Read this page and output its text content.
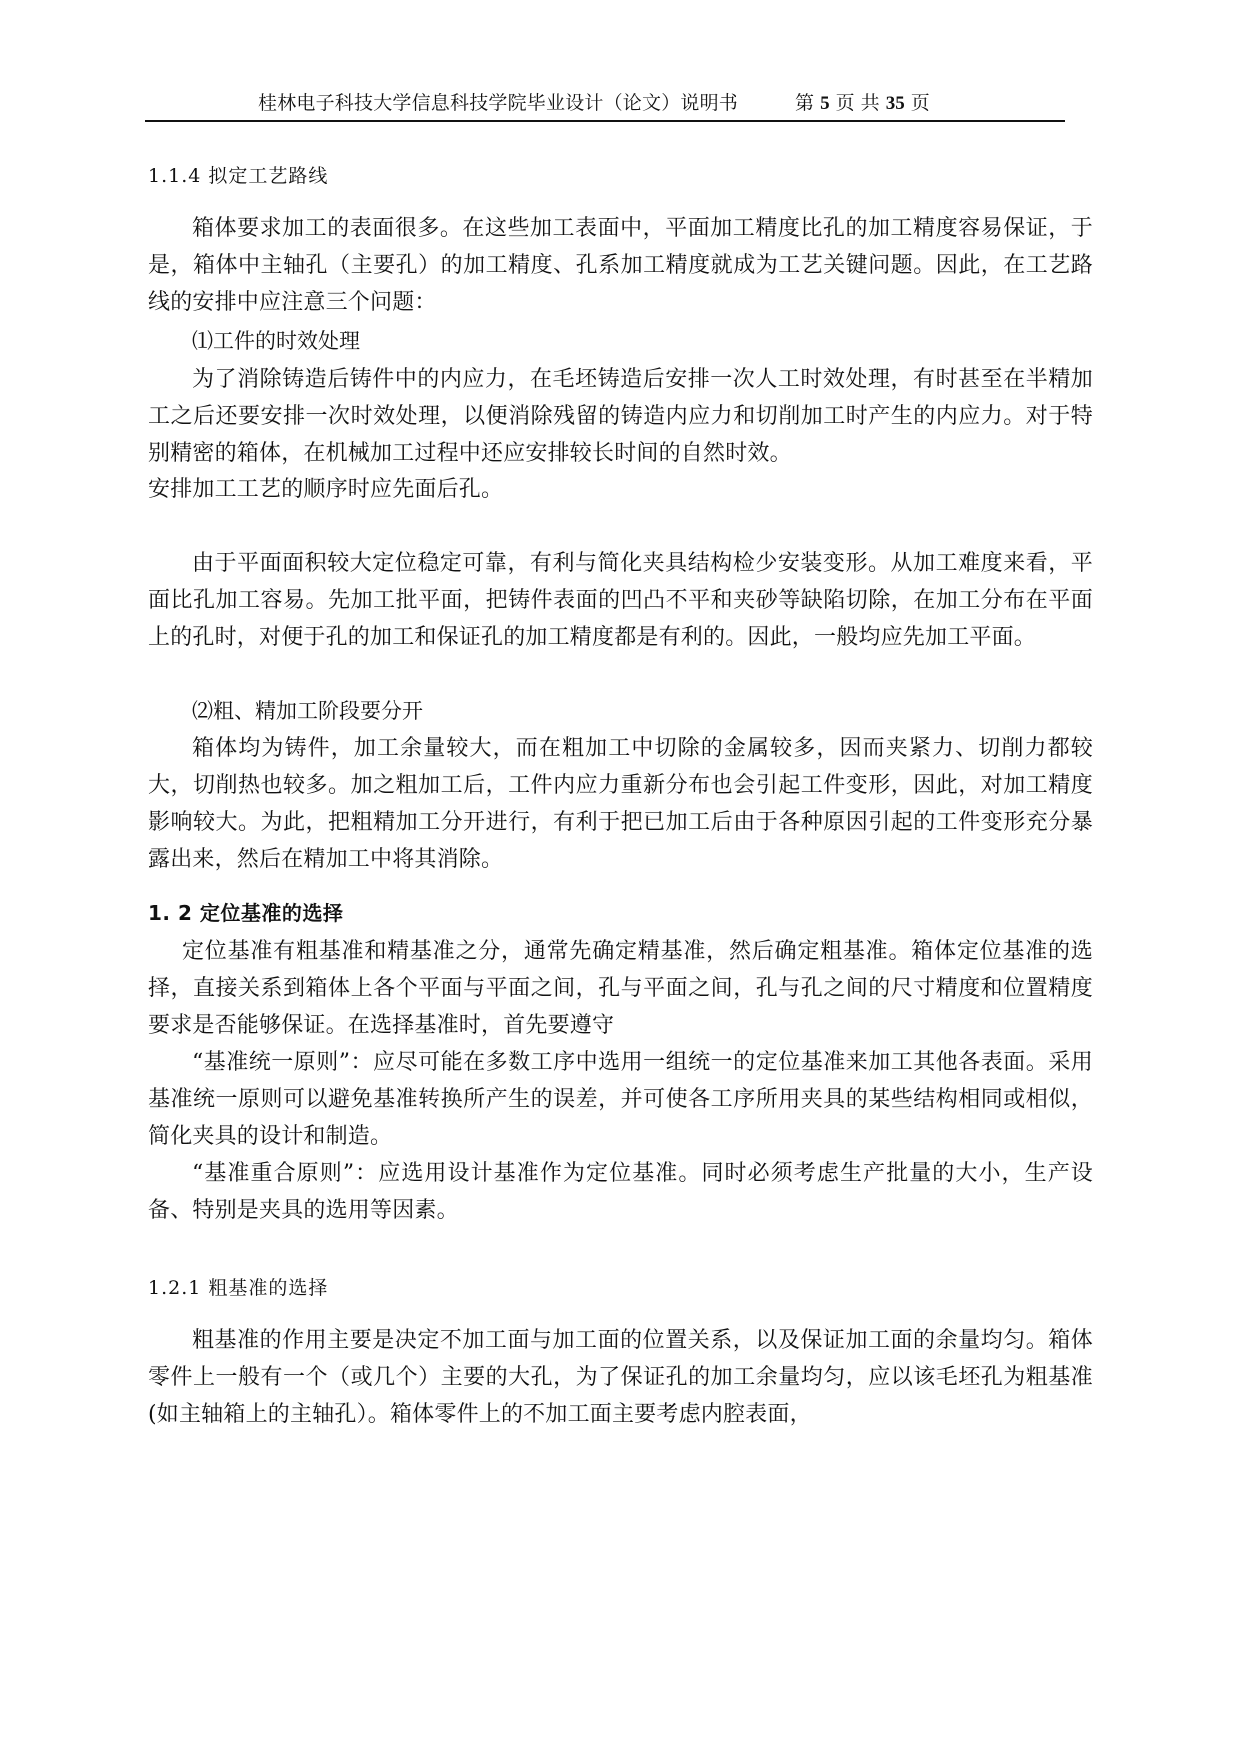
桂林电子科技大学信息科技学院毕业设计（论文）说明书	第 5 页 共 35 页
1.1.4 拟定工艺路线

箱体要求加工的表面很多。在这些加工表面中，平面加工精度比孔的加工精度容易保证，于是，箱体中主轴孔（主要孔）的加工精度、孔系加工精度就成为工艺关键问题。因此，在工艺路线的安排中应注意三个问题：

⑴工件的时效处理

为了消除铸造后铸件中的内应力，在毛坯铸造后安排一次人工时效处理，有时甚至在半精加工之后还要安排一次时效处理，以便消除残留的铸造内应力和切削加工时产生的内应力。对于特别精密的箱体，在机械加工过程中还应安排较长时间的自然时效。

安排加工工艺的顺序时应先面后孔。

由于平面面积较大定位稳定可靠，有利与简化夹具结构检少安装变形。从加工难度来看，平面比孔加工容易。先加工批平面，把铸件表面的凹凸不平和夹砂等缺陷切除，在加工分布在平面上的孔时，对便于孔的加工和保证孔的加工精度都是有利的。因此，一般均应先加工平面。

⑵粗、精加工阶段要分开

箱体均为铸件，加工余量较大，而在粗加工中切除的金属较多，因而夹紧力、切削力都较大，切削热也较多。加之粗加工后，工件内应力重新分布也会引起工件变形，因此，对加工精度影响较大。为此，把粗精加工分开进行，有利于把已加工后由于各种原因引起的工件变形充分暴露出来，然后在精加工中将其消除。

1. 2 定位基准的选择

定位基准有粗基准和精基准之分，通常先确定精基准，然后确定粗基准。箱体定位基准的选择，直接关系到箱体上各个平面与平面之间，孔与平面之间，孔与孔之间的尺寸精度和位置精度要求是否能够保证。在选择基准时，首先要遵守

“基准统一原则”：应尽可能在多数工序中选用一组统一的定位基准来加工其他各表面。采用基准统一原则可以避免基准转换所产生的误差，并可使各工序所用夹具的某些结构相同或相似，简化夹具的设计和制造。

“基准重合原则”：应选用设计基准作为定位基准。同时必须考虑生产批量的大小，生产设备、特别是夹具的选用等因素。

1.2.1 粗基准的选择

粗基准的作用主要是决定不加工面与加工面的位置关系，以及保证加工面的余量均匀。箱体零件上一般有一个（或几个）主要的大孔，为了保证孔的加工余量均匀，应以该毛坯孔为粗基准(如主轴箱上的主轴孔）。箱体零件上的不加工面主要考虑内腔表面，
